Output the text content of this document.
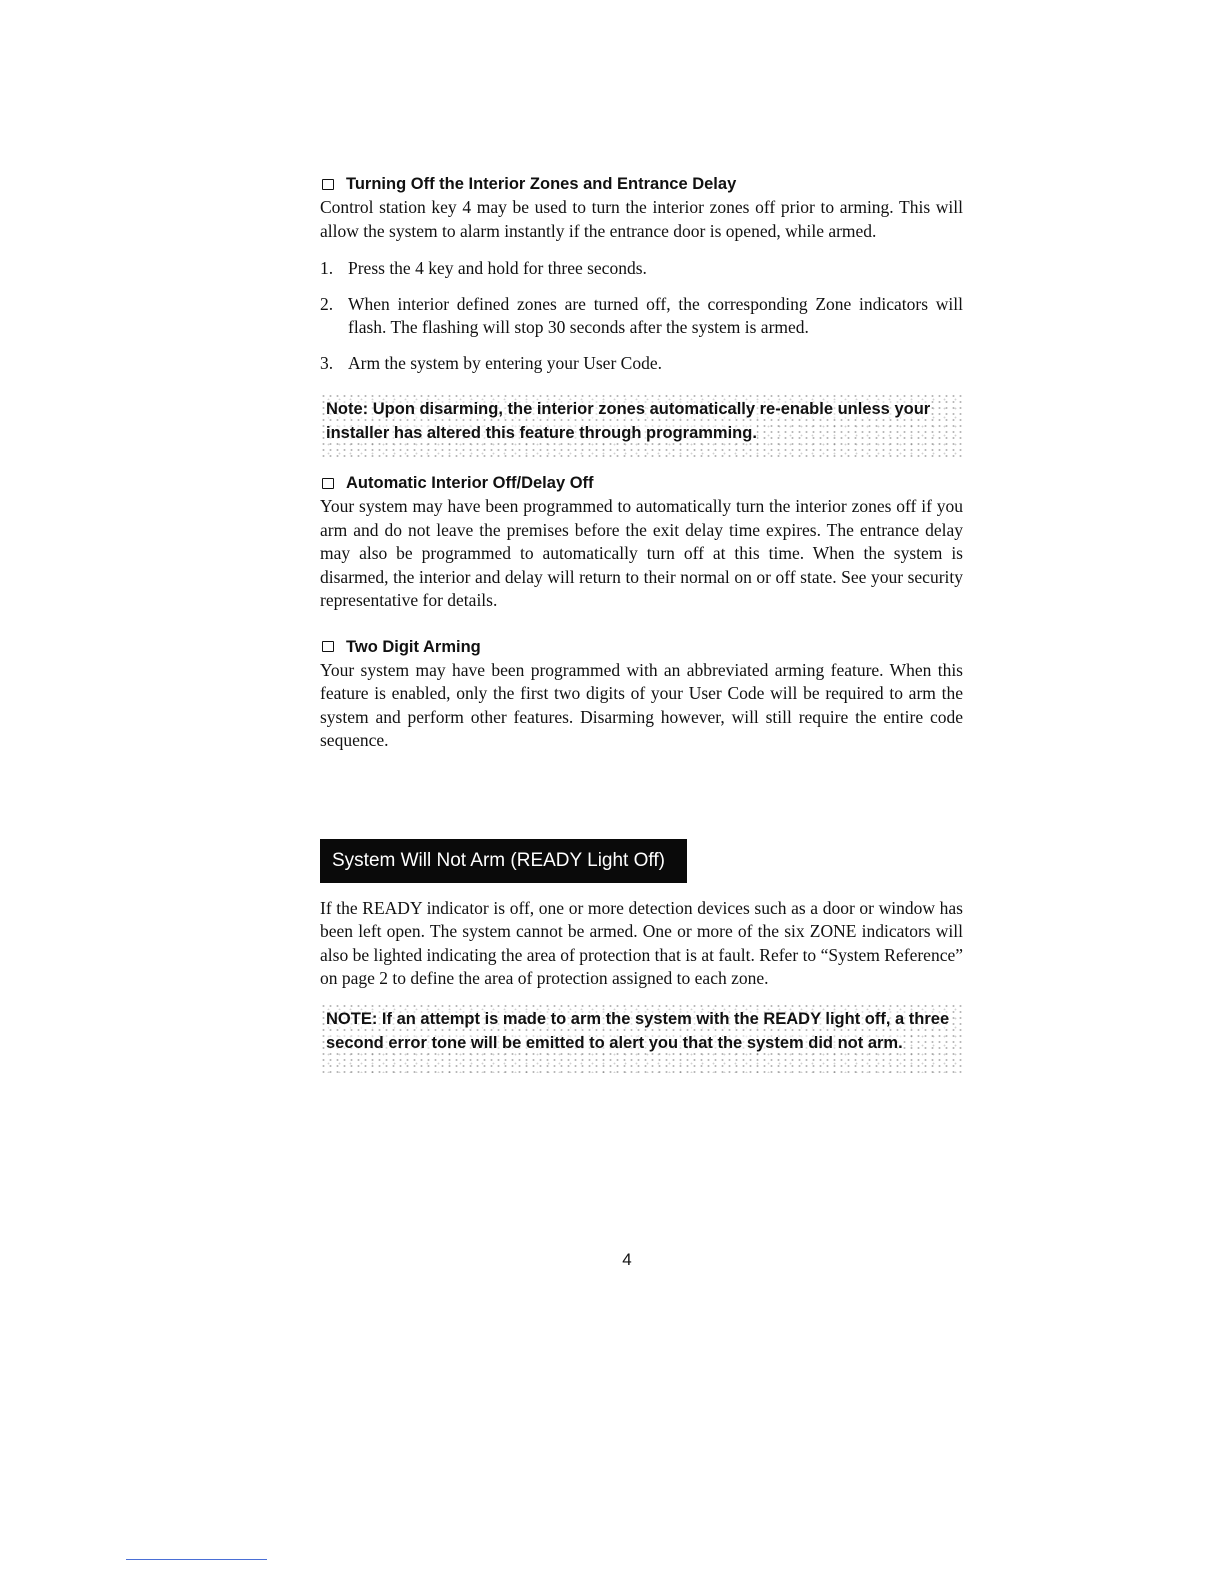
Turning Off the Interior Zones and Entrance Delay

Control station key 4 may be used to turn the interior zones off prior to arming. This will allow the system to alarm instantly if the entrance door is opened, while armed.

1. Press the 4 key and hold for three seconds.
2. When interior defined zones are turned off, the corresponding Zone indicators will flash. The flashing will stop 30 seconds after the system is armed.
3. Arm the system by entering your User Code.
Note: Upon disarming, the interior zones automatically re-enable unless your installer has altered this feature through programming.
Automatic Interior Off/Delay Off

Your system may have been programmed to automatically turn the interior zones off if you arm and do not leave the premises before the exit delay time expires. The entrance delay may also be programmed to automatically turn off at this time. When the system is disarmed, the interior and delay will return to their normal on or off state. See your security representative for details.

Two Digit Arming

Your system may have been programmed with an abbreviated arming feature. When this feature is enabled, only the first two digits of your User Code will be required to arm the system and perform other features. Disarming however, will still require the entire code sequence.

System Will Not Arm (READY Light Off)

If the READY indicator is off, one or more detection devices such as a door or window has been left open. The system cannot be armed. One or more of the six ZONE indicators will also be lighted indicating the area of protection that is at fault. Refer to “System Reference” on page 2 to define the area of protection assigned to each zone.

NOTE: If an attempt is made to arm the system with the READY light off, a three second error tone will be emitted to alert you that the system did not arm.
4
